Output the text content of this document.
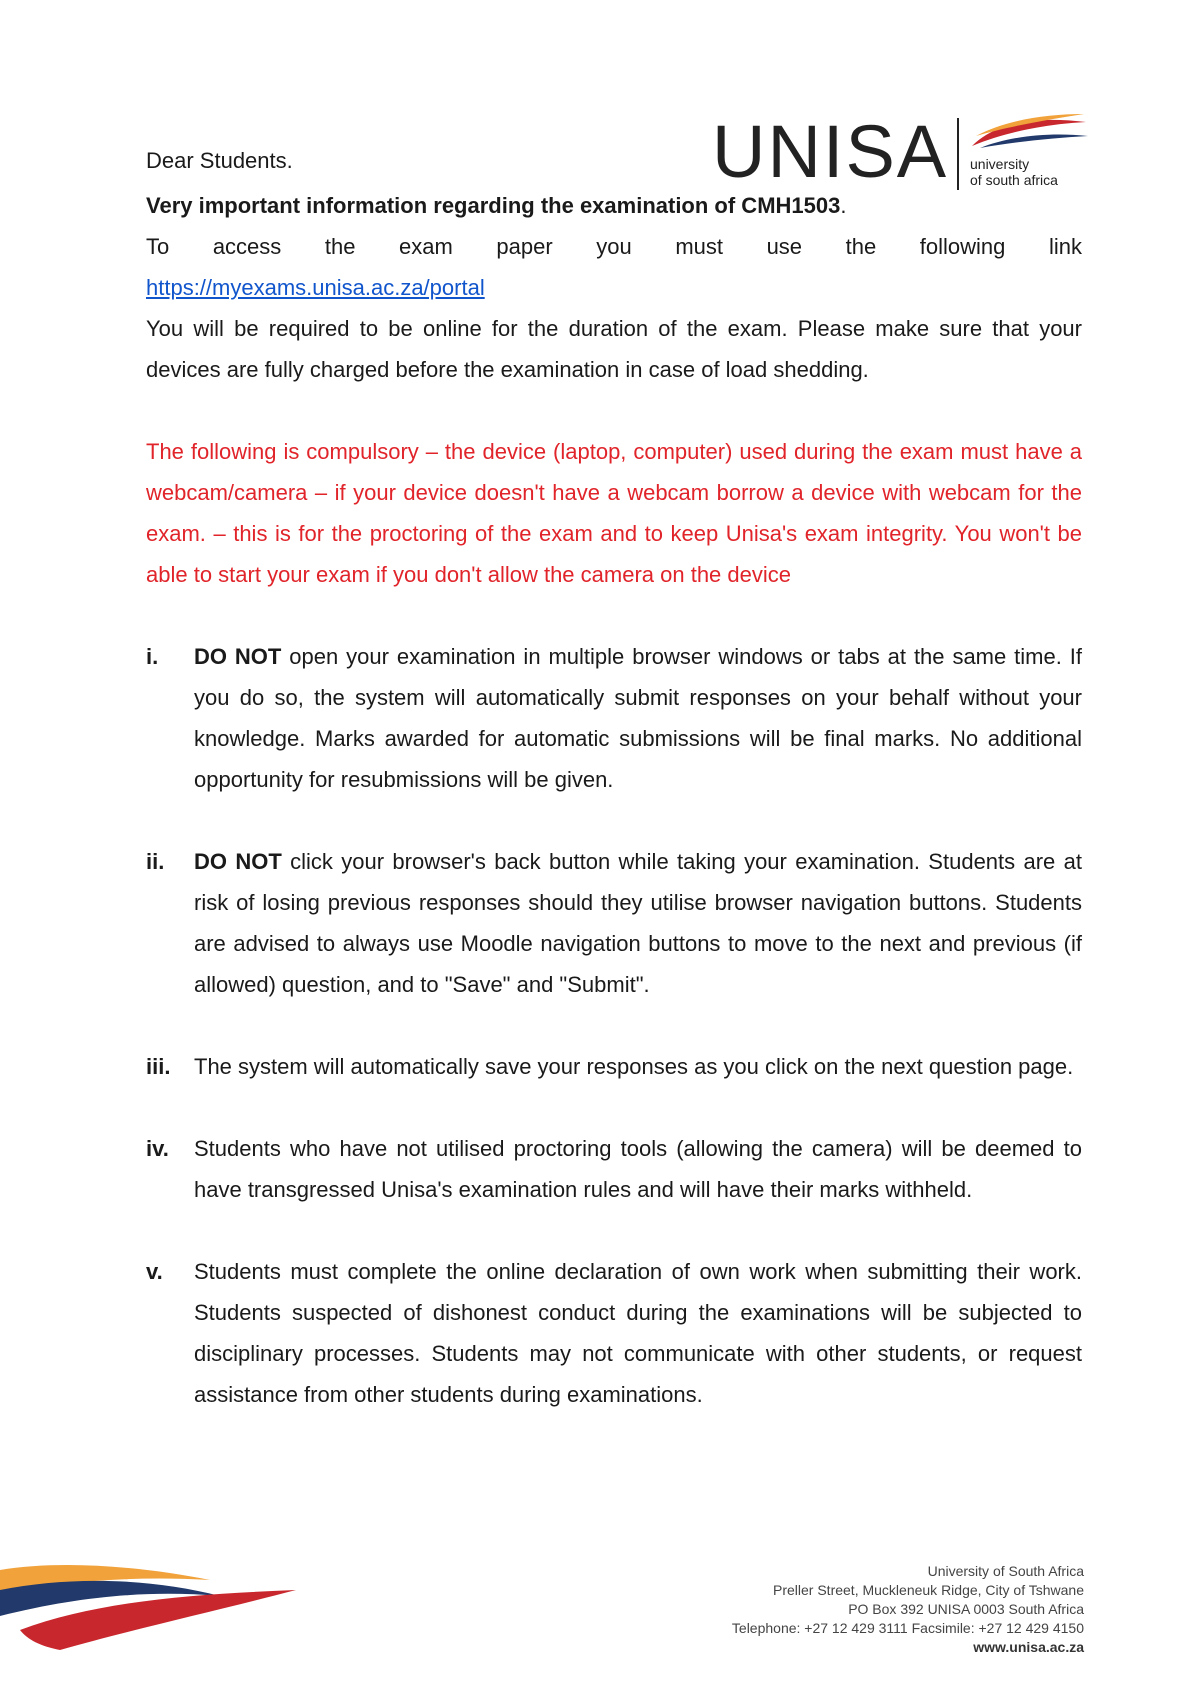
UNISA university
of south africa

Dear Students.

Very important information regarding the examination of CMH1503.

To access the exam paper you must use the following link

https://myexams.unisa.ac.za/portal

You will be required to be online for the duration of the exam. Please make sure that your devices are fully charged before the examination in case of load shedding.

The following is compulsory – the device (laptop, computer) used during the exam must have a webcam/camera – if your device doesn't have a webcam borrow a device with webcam for the exam. – this is for the proctoring of the exam and to keep Unisa's exam integrity. You won't be able to start your exam if you don't allow the camera on the device

i.	DO NOT open your examination in multiple browser windows or tabs at the same time. If you do so, the system will automatically submit responses on your behalf without your knowledge. Marks awarded for automatic submissions will be final marks. No additional opportunity for resubmissions will be given.
ii.	DO NOT click your browser's back button while taking your examination. Students are at risk of losing previous responses should they utilise browser navigation buttons. Students are advised to always use Moodle navigation buttons to move to the next and previous (if allowed) question, and to "Save" and "Submit".
iii.	The system will automatically save your responses as you click on the next question page.
iv.	Students who have not utilised proctoring tools (allowing the camera) will be deemed to have transgressed Unisa's examination rules and will have their marks withheld.
v.	Students must complete the online declaration of own work when submitting their work. Students suspected of dishonest conduct during the examinations will be subjected to disciplinary processes. Students may not communicate with other students, or request assistance from other students during examinations.
University of South Africa
Preller Street, Muckleneuk Ridge, City of Tshwane
PO Box 392 UNISA 0003 South Africa
Telephone: +27 12 429 3111 Facsimile: +27 12 429 4150
www.unisa.ac.za
